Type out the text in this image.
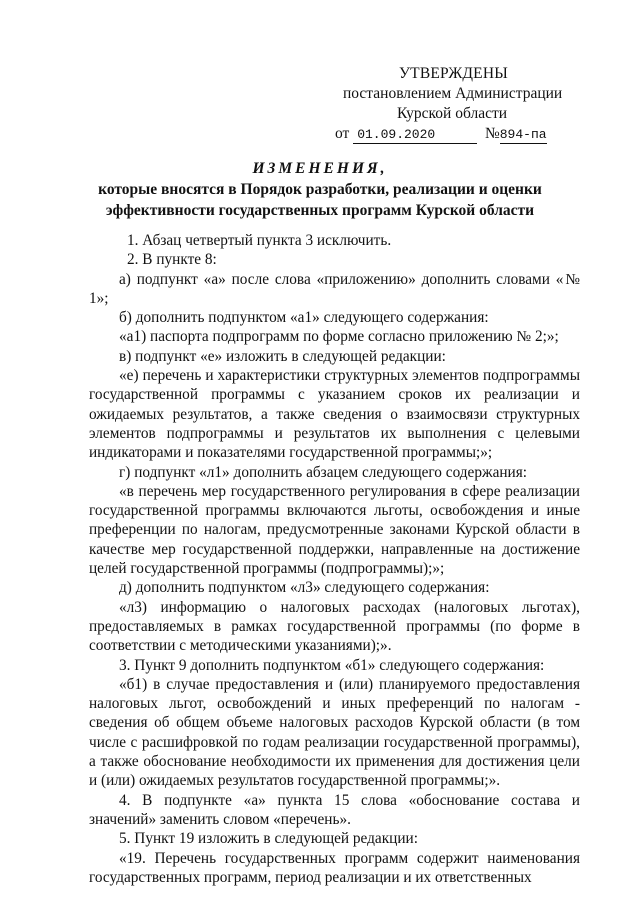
УТВЕРЖДЕНЫ
постановлением Администрации
Курской области
от 01.09.2020	№894-па
ИЗМЕНЕНИЯ,
которые вносятся в Порядок разработки, реализации и оценки
эффективности государственных программ Курской области

1. Абзац четвертый пункта 3 исключить.

2. В пункте 8:

а) подпункт «а» после слова «приложению» дополнить словами «№ 1»;

б) дополнить подпунктом «а1» следующего содержания:

«а1) паспорта подпрограмм по форме согласно приложению № 2;»;

в) подпункт «е» изложить в следующей редакции:

«е) перечень и характеристики структурных элементов подпрограммы государственной программы с указанием сроков их реализации и ожидаемых результатов, а также сведения о взаимосвязи структурных элементов подпрограммы и результатов их выполнения с целевыми индикаторами и показателями государственной программы;»;

г) подпункт «л1» дополнить абзацем следующего содержания:

«в перечень мер государственного регулирования в сфере реализации государственной программы включаются льготы, освобождения и иные преференции по налогам, предусмотренные законами Курской области в качестве мер государственной поддержки, направленные на достижение целей государственной программы (подпрограммы);»;

д) дополнить подпунктом «л3» следующего содержания:

«л3) информацию о налоговых расходах (налоговых льготах), предоставляемых в рамках государственной программы (по форме в соответствии с методическими указаниями);».

3. Пункт 9 дополнить подпунктом «б1» следующего содержания:

«б1) в случае предоставления и (или) планируемого предоставления налоговых льгот, освобождений и иных преференций по налогам - сведения об общем объеме налоговых расходов Курской области (в том числе с расшифровкой по годам реализации государственной программы), а также обоснование необходимости их применения для достижения цели и (или) ожидаемых результатов государственной программы;».

4. В подпункте «а» пункта 15 слова «обоснование состава и значений» заменить словом «перечень».

5. Пункт 19 изложить в следующей редакции:

«19. Перечень государственных программ содержит наименования государственных программ, период реализации и их ответственных
